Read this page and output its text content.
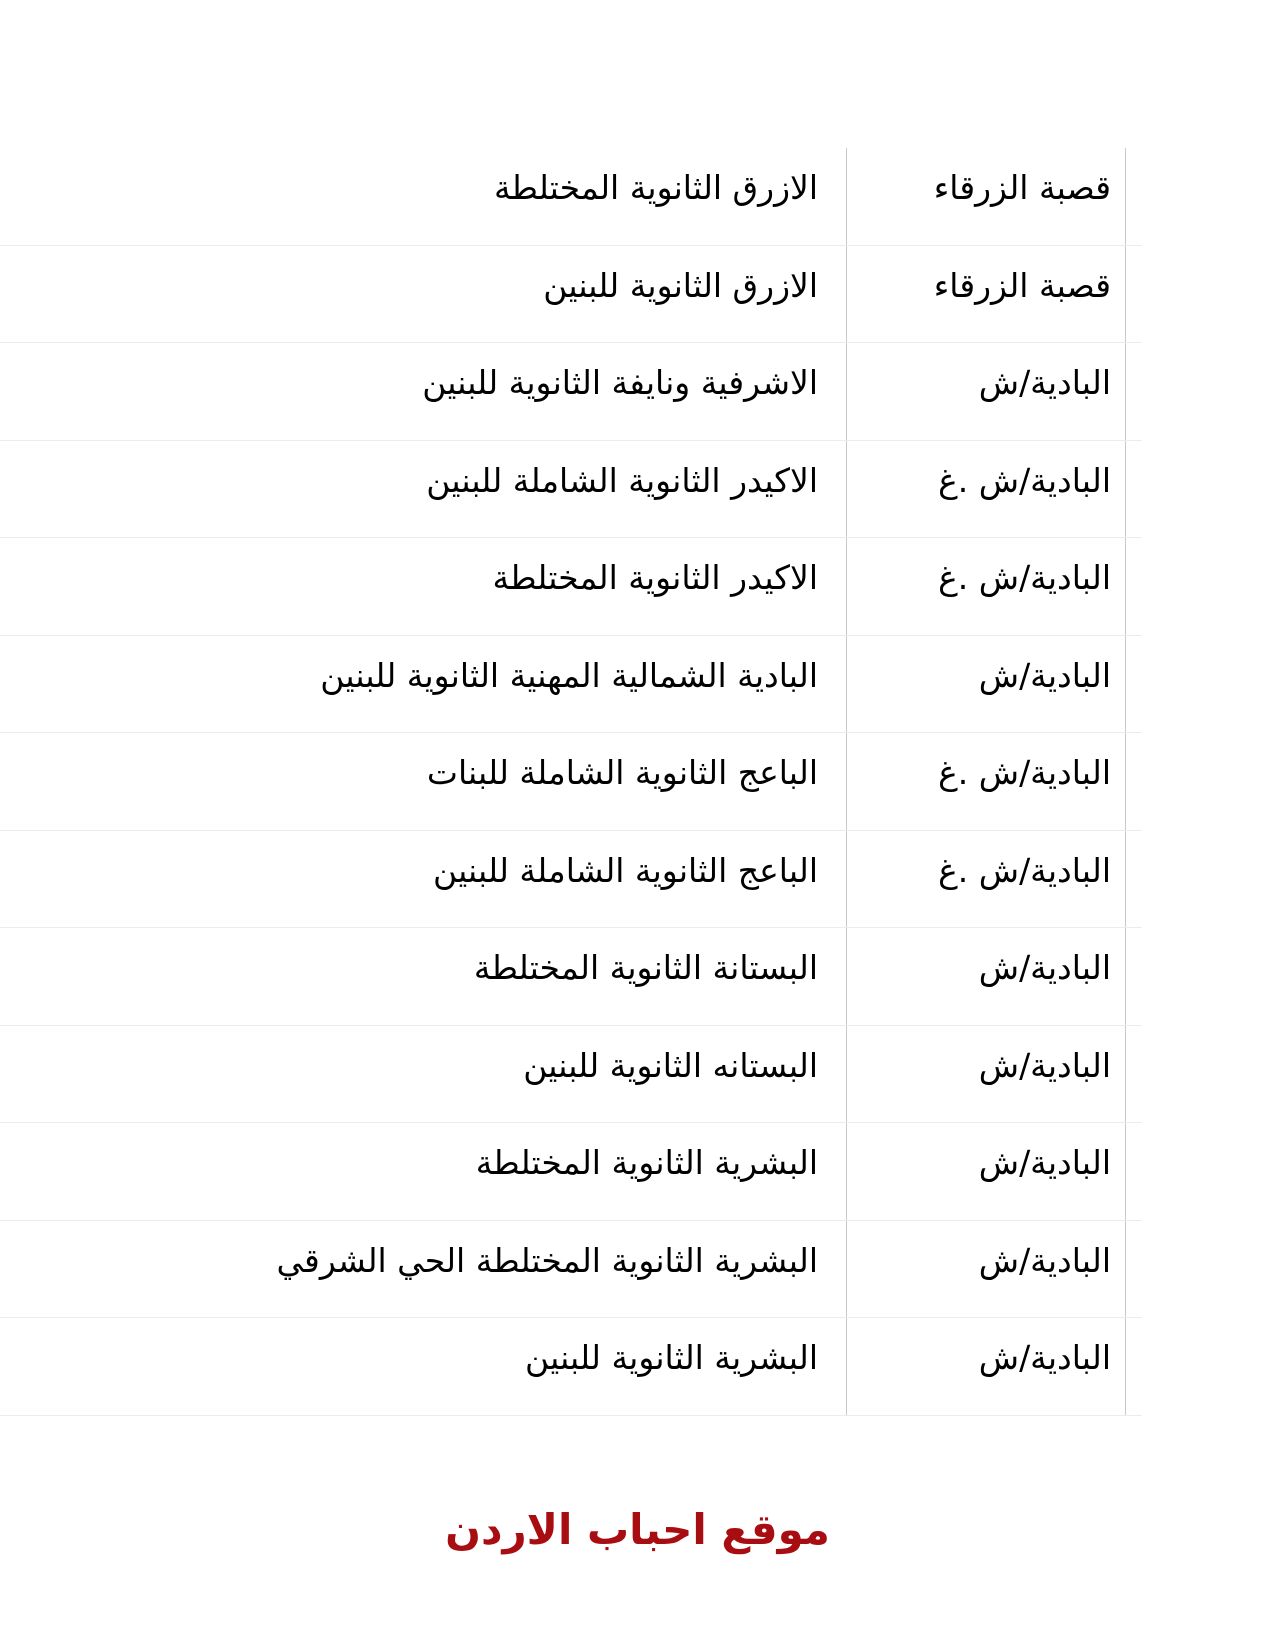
قصبة الزرقاء
الازرق الثانوية المختلطة
قصبة الزرقاء
الازرق الثانوية للبنين
البادية/ش
الاشرفية ونايفة الثانوية للبنين
البادية/ش .غ
الاكيدر الثانوية الشاملة للبنين
البادية/ش .غ
الاكيدر الثانوية المختلطة
البادية/ش
البادية الشمالية المهنية الثانوية للبنين
البادية/ش .غ
الباعج الثانوية الشاملة للبنات
البادية/ش .غ
الباعج الثانوية الشاملة للبنين
البادية/ش
البستانة الثانوية المختلطة
البادية/ش
البستانه الثانوية للبنين
البادية/ش
البشرية الثانوية المختلطة
البادية/ش
البشرية الثانوية المختلطة الحي الشرقي
البادية/ش
البشرية الثانوية للبنين
موقع احباب الاردن
